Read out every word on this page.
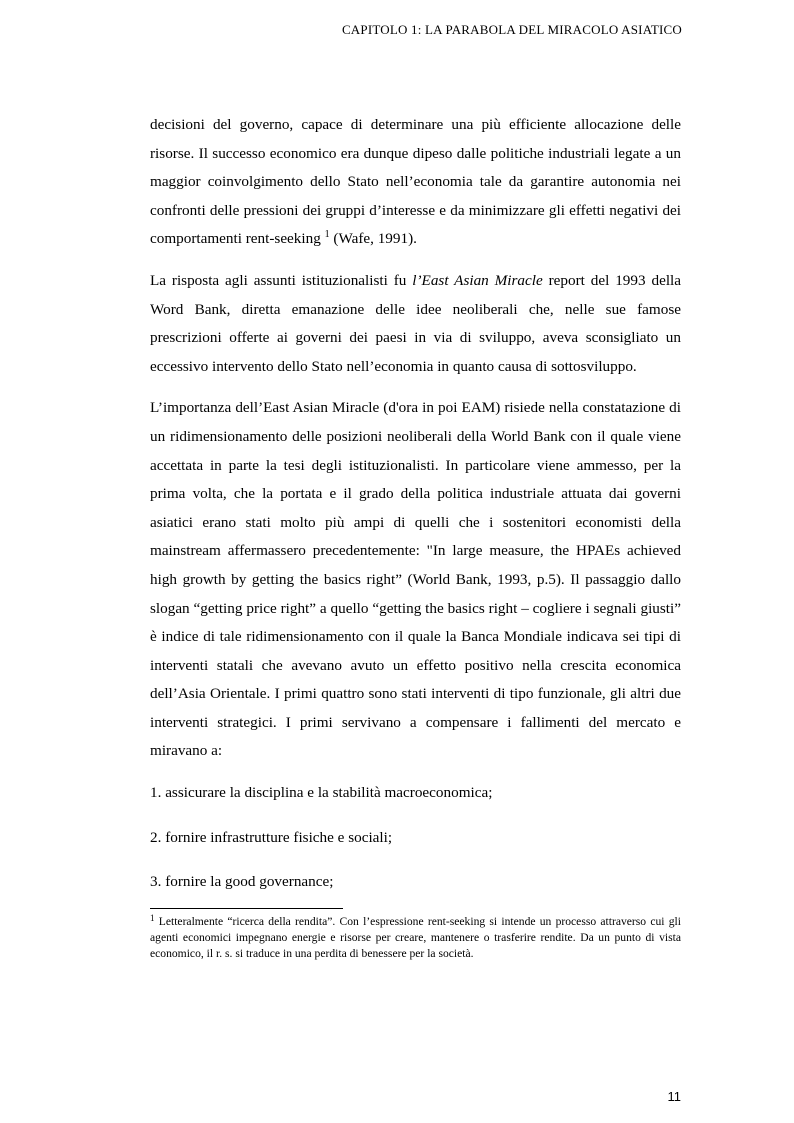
CAPITOLO 1: LA PARABOLA DEL MIRACOLO ASIATICO

decisioni del governo, capace di determinare una più efficiente allocazione delle risorse. Il successo economico era dunque dipeso dalle politiche industriali legate a un maggior coinvolgimento dello Stato nell’economia tale da garantire autonomia nei confronti delle pressioni dei gruppi d’interesse e da minimizzare gli effetti negativi dei comportamenti rent-seeking $^1$ (Wafe, 1991).

La risposta agli assunti istituzionalisti fu l’East Asian Miracle report del 1993 della Word Bank, diretta emanazione delle idee neoliberali che, nelle sue famose prescrizioni offerte ai governi dei paesi in via di sviluppo, aveva sconsigliato un eccessivo intervento dello Stato nell’economia in quanto causa di sottosviluppo.

L’importanza dell’East Asian Miracle (d'ora in poi EAM) risiede nella constatazione di un ridimensionamento delle posizioni neoliberali della World Bank con il quale viene accettata in parte la tesi degli istituzionalisti. In particolare viene ammesso, per la prima volta, che la portata e il grado della politica industriale attuata dai governi asiatici erano stati molto più ampi di quelli che i sostenitori economisti della mainstream affermassero precedentemente: "In large measure, the HPAEs achieved high growth by getting the basics right” (World Bank, 1993, p.5). Il passaggio dallo slogan “getting price right” a quello “getting the basics right – cogliere i segnali giusti” è indice di tale ridimensionamento con il quale la Banca Mondiale indicava sei tipi di interventi statali che avevano avuto un effetto positivo nella crescita economica dell’Asia Orientale. I primi quattro sono stati interventi di tipo funzionale, gli altri due interventi strategici. I primi servivano a compensare i fallimenti del mercato e miravano a:

1. assicurare la disciplina e la stabilità macroeconomica;

2. fornire infrastrutture fisiche e sociali;

3. fornire la good governance;

$^1$ Letteralmente “ricerca della rendita”. Con l’espressione rent-seeking si intende un processo attraverso cui gli agenti economici impegnano energie e risorse per creare, mantenere o trasferire rendite. Da un punto di vista economico, il r. s. si traduce in una perdita di benessere per la società.
11
